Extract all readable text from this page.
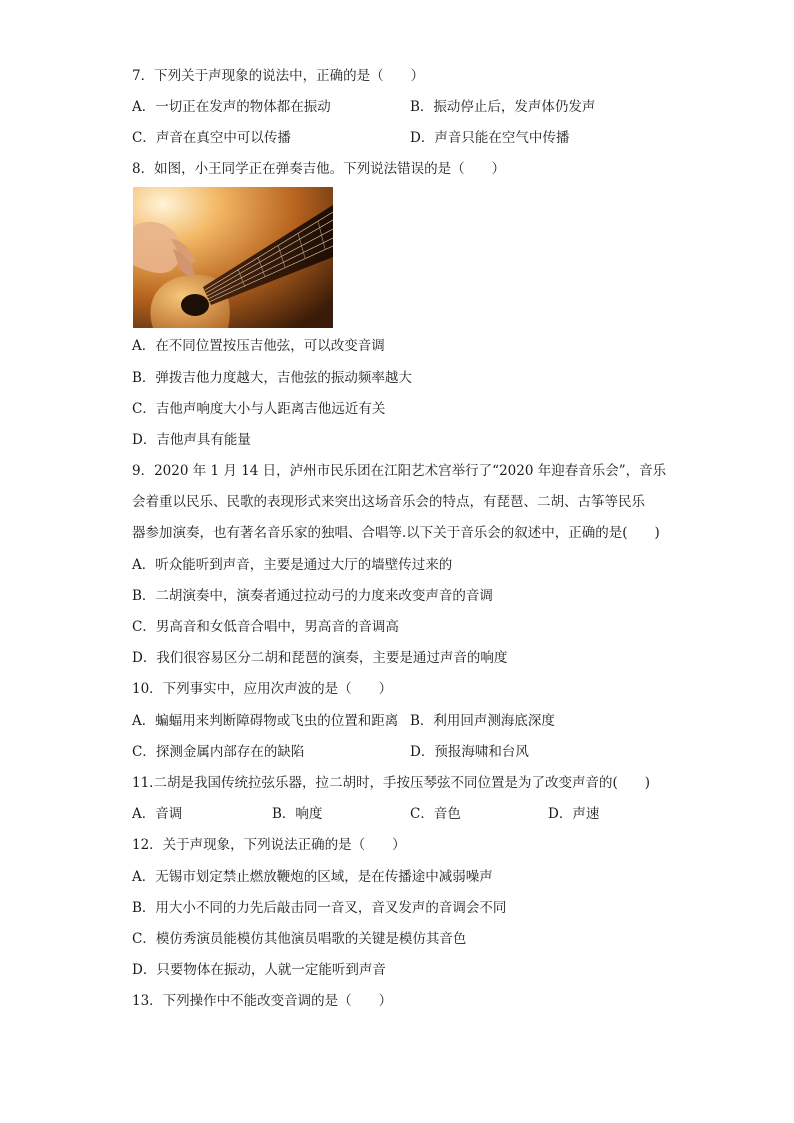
7．下列关于声现象的说法中，正确的是（　　）
A．一切正在发声的物体都在振动	B．振动停止后，发声体仍发声
C．声音在真空中可以传播	D．声音只能在空气中传播
8．如图，小王同学正在弹奏吉他。下列说法错误的是（　　）
A．在不同位置按压吉他弦，可以改变音调
B．弹拨吉他力度越大，吉他弦的振动频率越大
C．吉他声响度大小与人距离吉他远近有关
D．吉他声具有能量
9．2020 年 1 月 14 日，泸州市民乐团在江阳艺术宫举行了“2020 年迎春音乐会”，音乐
会着重以民乐、民歌的表现形式来突出这场音乐会的特点，有琵琶、二胡、古筝等民乐
器参加演奏，也有著名音乐家的独唱、合唱等.以下关于音乐会的叙述中，正确的是(　　)
A．听众能听到声音，主要是通过大厅的墙壁传过来的
B．二胡演奏中，演奏者通过拉动弓的力度来改变声音的音调
C．男高音和女低音合唱中，男高音的音调高
D．我们很容易区分二胡和琵琶的演奏，主要是通过声音的响度
10．下列事实中，应用次声波的是（　　）
A．蝙蝠用来判断障碍物或飞虫的位置和距离 B．利用回声测海底深度
C．探测金属内部存在的缺陷	D．预报海啸和台风
11.二胡是我国传统拉弦乐器，拉二胡时，手按压琴弦不同位置是为了改变声音的(　　)
A．音调	B．响度	C．音色	D．声速
12．关于声现象，下列说法正确的是（　　）
A．无锡市划定禁止燃放鞭炮的区域，是在传播途中减弱噪声
B．用大小不同的力先后敲击同一音叉，音叉发声的音调会不同
C．模仿秀演员能模仿其他演员唱歌的关键是模仿其音色
D．只要物体在振动，人就一定能听到声音
13．下列操作中不能改变音调的是（　　）
